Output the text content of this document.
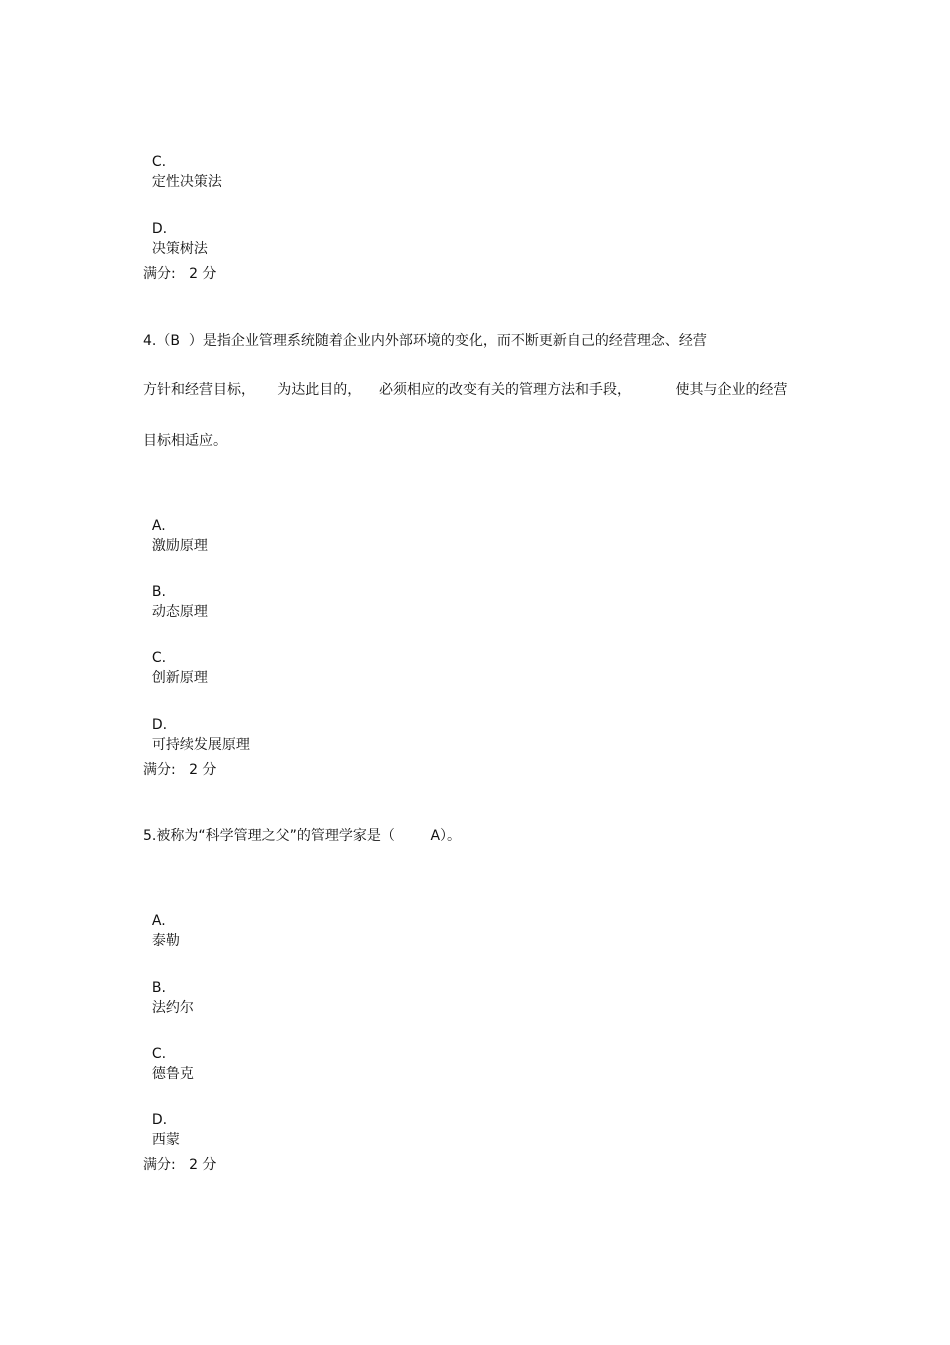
C.
定性决策法

D.
决策树法

满分:   2 分
4.（B  ）是指企业管理系统随着企业内外部环境的变化，而不断更新自己的经营理念、经营
方针和经营目标，     为达此目的，    必须相应的改变有关的管理方法和手段，          使其与企业的经营
目标相适应。

A.
激励原理

B.
动态原理

C.
创新原理

D.
可持续发展原理

满分:   2 分
5.被称为“科学管理之父”的管理学家是（        A）。

A.
泰勒

B.
法约尔

C.
德鲁克

D.
西蒙

满分:   2 分
